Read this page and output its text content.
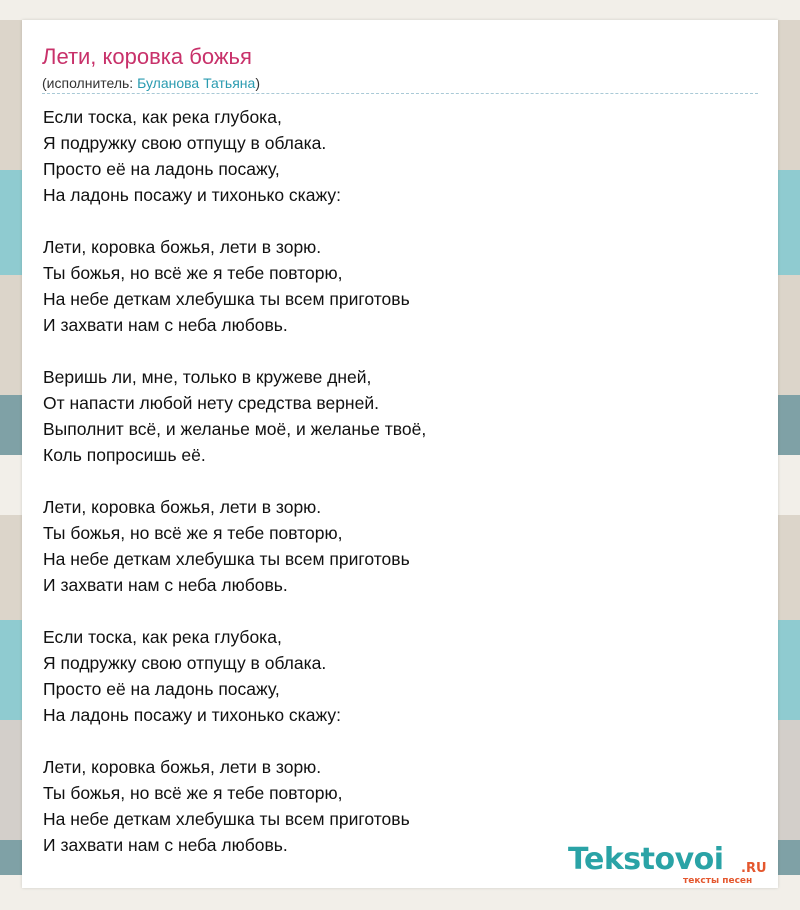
Лети, коровка божья
(исполнитель: Буланова Татьяна)
Если тоска, как река глубока,
Я подружку свою отпущу в облака.
Просто её на ладонь посажу,
На ладонь посажу и тихонько скажу:
Лети, коровка божья, лети в зорю.
Ты божья, но всё же я тебе повторю,
На небе деткам хлебушка ты всем приготовь
И захвати нам с неба любовь.
Веришь ли, мне, только в кружеве дней,
От напасти любой нету средства верней.
Выполнит всё, и желанье моё, и желанье твоё,
Коль попросишь её.
Лети, коровка божья, лети в зорю.
Ты божья, но всё же я тебе повторю,
На небе деткам хлебушка ты всем приготовь
И захвати нам с неба любовь.
Если тоска, как река глубока,
Я подружку свою отпущу в облака.
Просто её на ладонь посажу,
На ладонь посажу и тихонько скажу:
Лети, коровка божья, лети в зорю.
Ты божья, но всё же я тебе повторю,
На небе деткам хлебушка ты всем приготовь
И захвати нам с неба любовь.	Tekstovoi .RU
тексты песен
